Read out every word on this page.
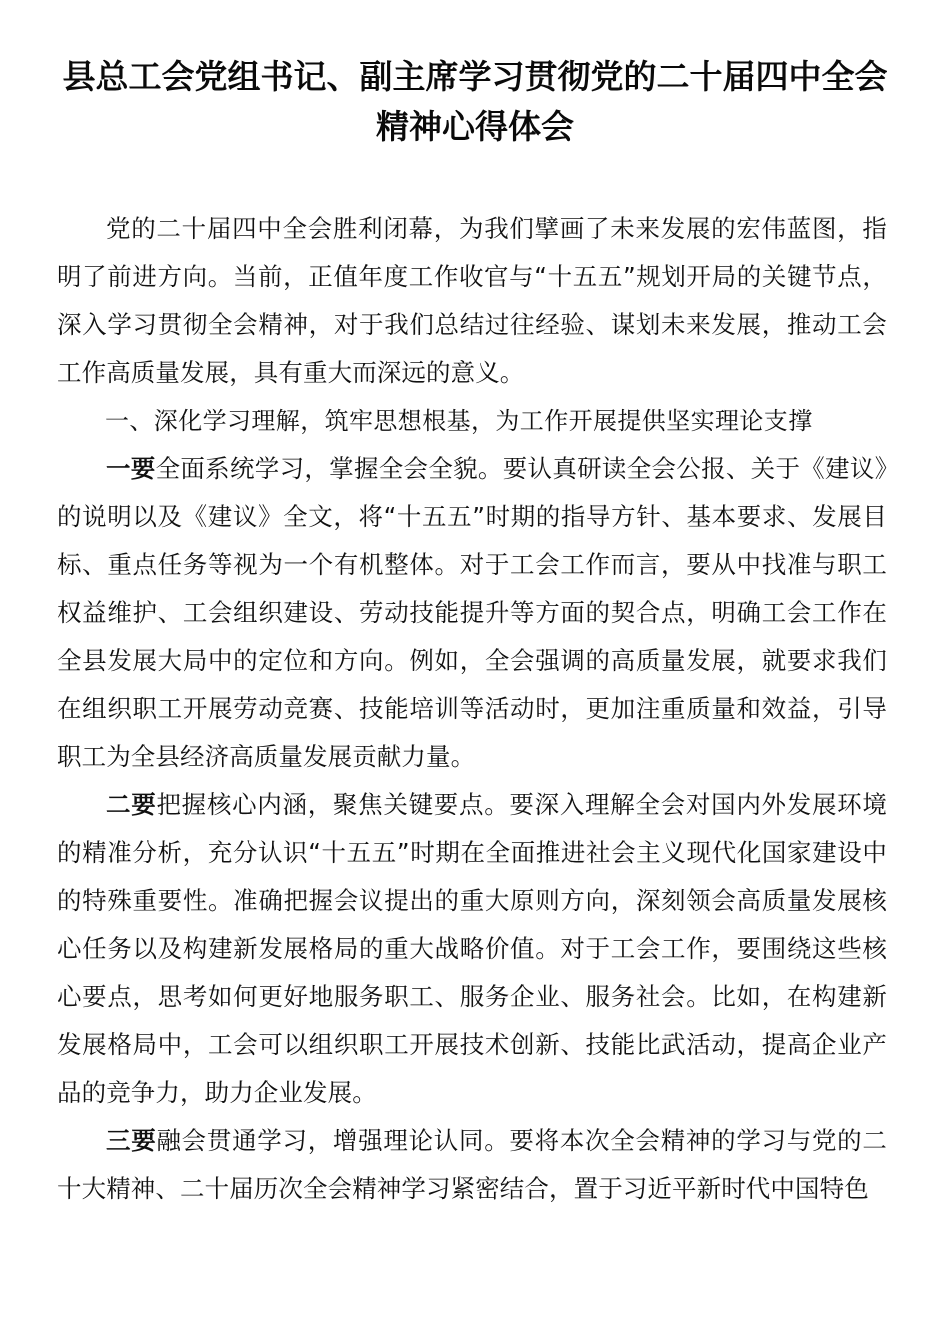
县总工会党组书记、副主席学习贯彻党的二十届四中全会精神心得体会

党的二十届四中全会胜利闭幕，为我们擘画了未来发展的宏伟蓝图，指明了前进方向。当前，正值年度工作收官与“十五五”规划开局的关键节点，深入学习贯彻全会精神，对于我们总结过往经验、谋划未来发展，推动工会工作高质量发展，具有重大而深远的意义。

一、深化学习理解，筑牢思想根基，为工作开展提供坚实理论支撑

一要全面系统学习，掌握全会全貌。要认真研读全会公报、关于《建议》的说明以及《建议》全文，将“十五五”时期的指导方针、基本要求、发展目标、重点任务等视为一个有机整体。对于工会工作而言，要从中找准与职工权益维护、工会组织建设、劳动技能提升等方面的契合点，明确工会工作在全县发展大局中的定位和方向。例如，全会强调的高质量发展，就要求我们在组织职工开展劳动竞赛、技能培训等活动时，更加注重质量和效益，引导职工为全县经济高质量发展贡献力量。

二要把握核心内涵，聚焦关键要点。要深入理解全会对国内外发展环境的精准分析，充分认识“十五五”时期在全面推进社会主义现代化国家建设中的特殊重要性。准确把握会议提出的重大原则方向，深刻领会高质量发展核心任务以及构建新发展格局的重大战略价值。对于工会工作，要围绕这些核心要点，思考如何更好地服务职工、服务企业、服务社会。比如，在构建新发展格局中，工会可以组织职工开展技术创新、技能比武活动，提高企业产品的竞争力，助力企业发展。

三要融会贯通学习，增强理论认同。要将本次全会精神的学习与党的二十大精神、二十届历次全会精神学习紧密结合，置于习近平新时代中国特色
